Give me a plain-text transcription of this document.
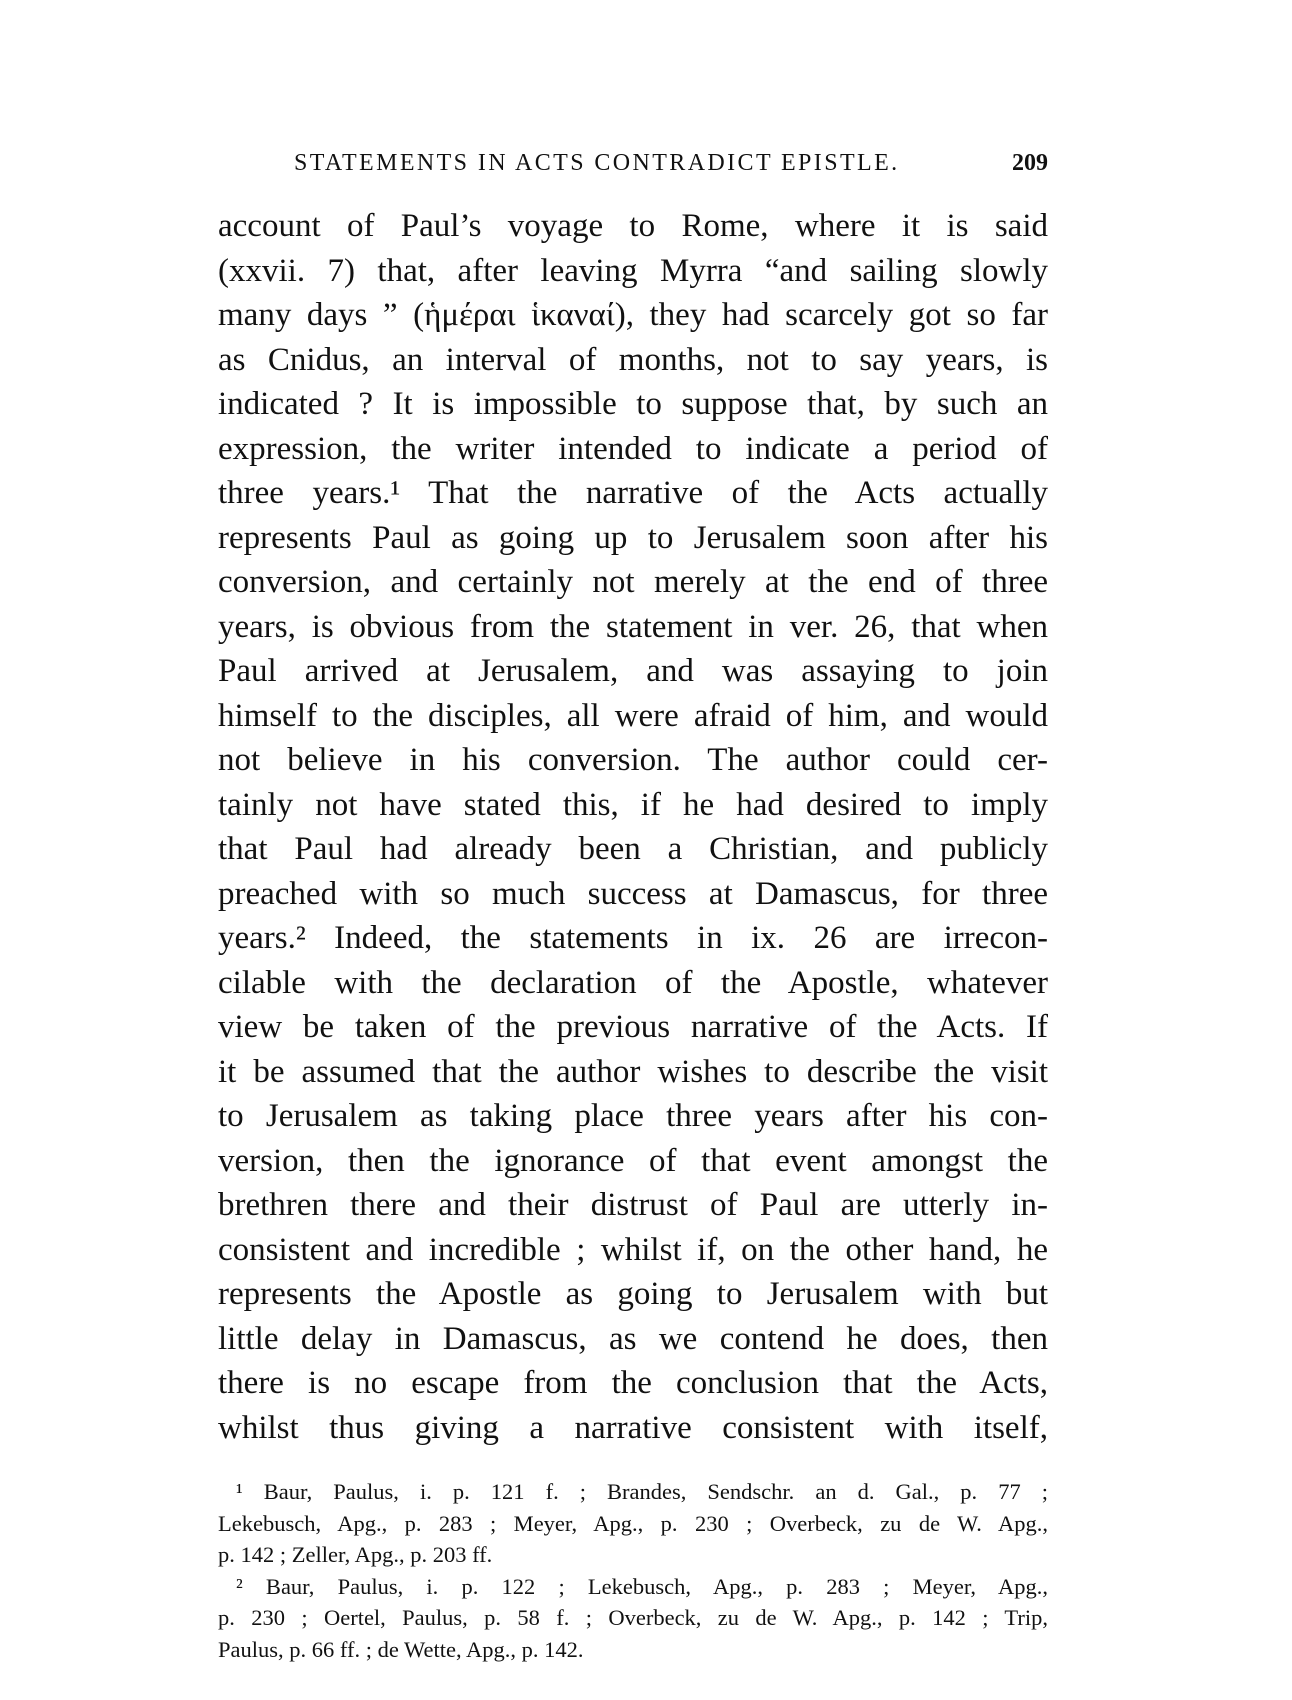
STATEMENTS IN ACTS CONTRADICT EPISTLE.	209
account of Paul’s voyage to Rome, where it is said
(xxvii. 7) that, after leaving Myrra “and sailing slowly
many days ” (ἡμέραι ἱκαναί), they had scarcely got so far
as Cnidus, an interval of months, not to say years, is
indicated ? It is impossible to suppose that, by such an
expression, the writer intended to indicate a period of
three years.¹ That the narrative of the Acts actually
represents Paul as going up to Jerusalem soon after his
conversion, and certainly not merely at the end of three
years, is obvious from the statement in ver. 26, that when
Paul arrived at Jerusalem, and was assaying to join
himself to the disciples, all were afraid of him, and would
not believe in his conversion. The author could cer-
tainly not have stated this, if he had desired to imply
that Paul had already been a Christian, and publicly
preached with so much success at Damascus, for three
years.² Indeed, the statements in ix. 26 are irrecon-
cilable with the declaration of the Apostle, whatever
view be taken of the previous narrative of the Acts. If
it be assumed that the author wishes to describe the visit
to Jerusalem as taking place three years after his con-
version, then the ignorance of that event amongst the
brethren there and their distrust of Paul are utterly in-
consistent and incredible ; whilst if, on the other hand, he
represents the Apostle as going to Jerusalem with but
little delay in Damascus, as we contend he does, then
there is no escape from the conclusion that the Acts,
whilst thus giving a narrative consistent with itself,
¹ Baur, Paulus, i. p. 121 f. ; Brandes, Sendschr. an d. Gal., p. 77 ;
Lekebusch, Apg., p. 283 ; Meyer, Apg., p. 230 ; Overbeck, zu de W. Apg.,
p. 142 ; Zeller, Apg., p. 203 ff.
² Baur, Paulus, i. p. 122 ; Lekebusch, Apg., p. 283 ; Meyer, Apg.,
p. 230 ; Oertel, Paulus, p. 58 f. ; Overbeck, zu de W. Apg., p. 142 ; Trip,
Paulus, p. 66 ff. ; de Wette, Apg., p. 142.
